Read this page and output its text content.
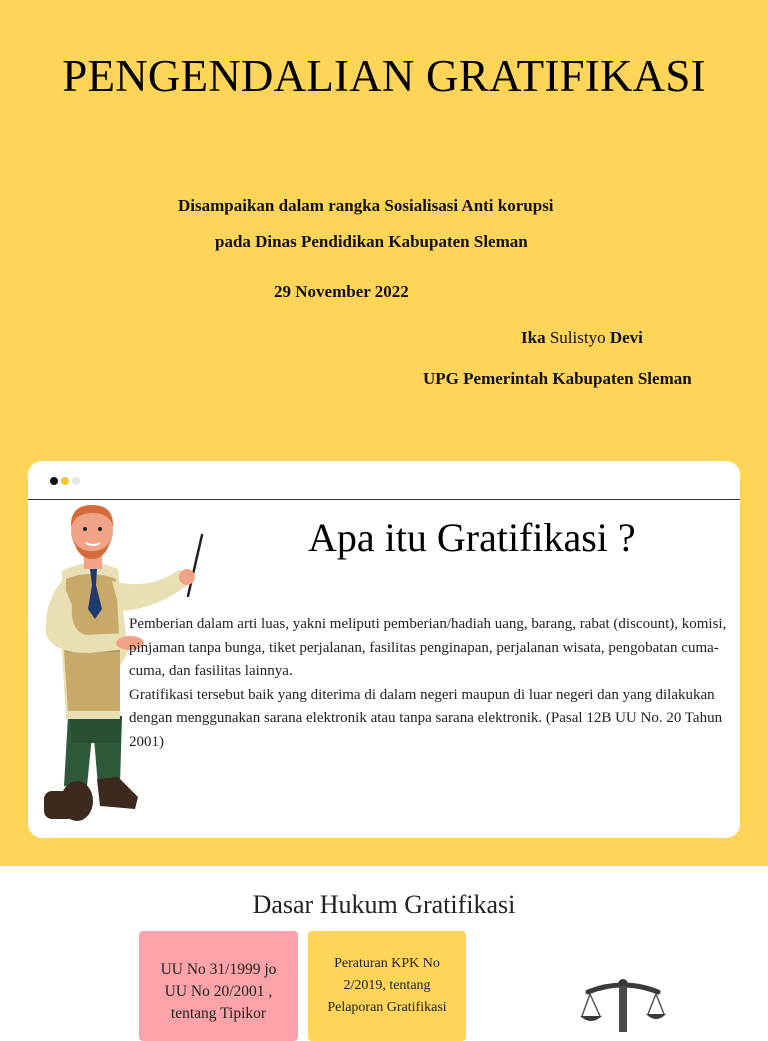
PENGENDALIAN GRATIFIKASI
Disampaikan dalam rangka Sosialisasi Anti korupsi
pada Dinas Pendidikan Kabupaten Sleman
29 November 2022
Ika Sulistyo Devi
UPG Pemerintah Kabupaten Sleman
Apa itu Gratifikasi ?

Pemberian dalam arti luas, yakni meliputi pemberian/hadiah uang, barang, rabat (discount), komisi, pinjaman tanpa bunga, tiket perjalanan, fasilitas penginapan, perjalanan wisata, pengobatan cuma-cuma, dan fasilitas lainnya.

Gratifikasi tersebut baik yang diterima di dalam negeri maupun di luar negeri dan yang dilakukan dengan menggunakan sarana elektronik atau tanpa sarana elektronik. (Pasal 12B UU No. 20 Tahun 2001)

Dasar Hukum Gratifikasi
UU No 31/1999 jo
UU No 20/2001 ,
tentang Tipikor
Peraturan KPK No
2/2019, tentang
Pelaporan Gratifikasi
